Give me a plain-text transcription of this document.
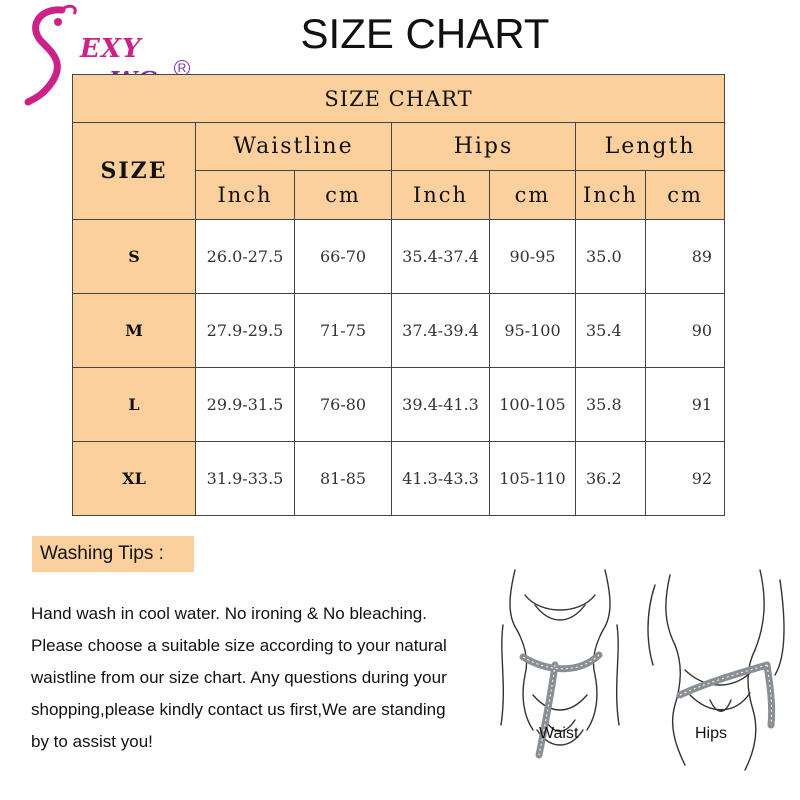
EXY
R
SIZE CHART
SIZE CHART						
SIZE	Waistline		Hips		Length	
	Inch	cm	Inch	cm	Inch	cm
S	26.0-27.5	66-70	35.4-37.4	90-95	35.0	89
M	27.9-29.5	71-75	37.4-39.4	95-100	35.4	90
L	29.9-31.5	76-80	39.4-41.3	100-105	35.8	91
XL	31.9-33.5	81-85	41.3-43.3	105-110	36.2	92
Washing Tips :
Hand wash in cool water. No ironing & No bleaching.
Please choose a suitable size according to your natural
waistline from our size chart. Any questions during your
shopping,please kindly contact us first,We are standing
by to assist you!	Waist	Hips
